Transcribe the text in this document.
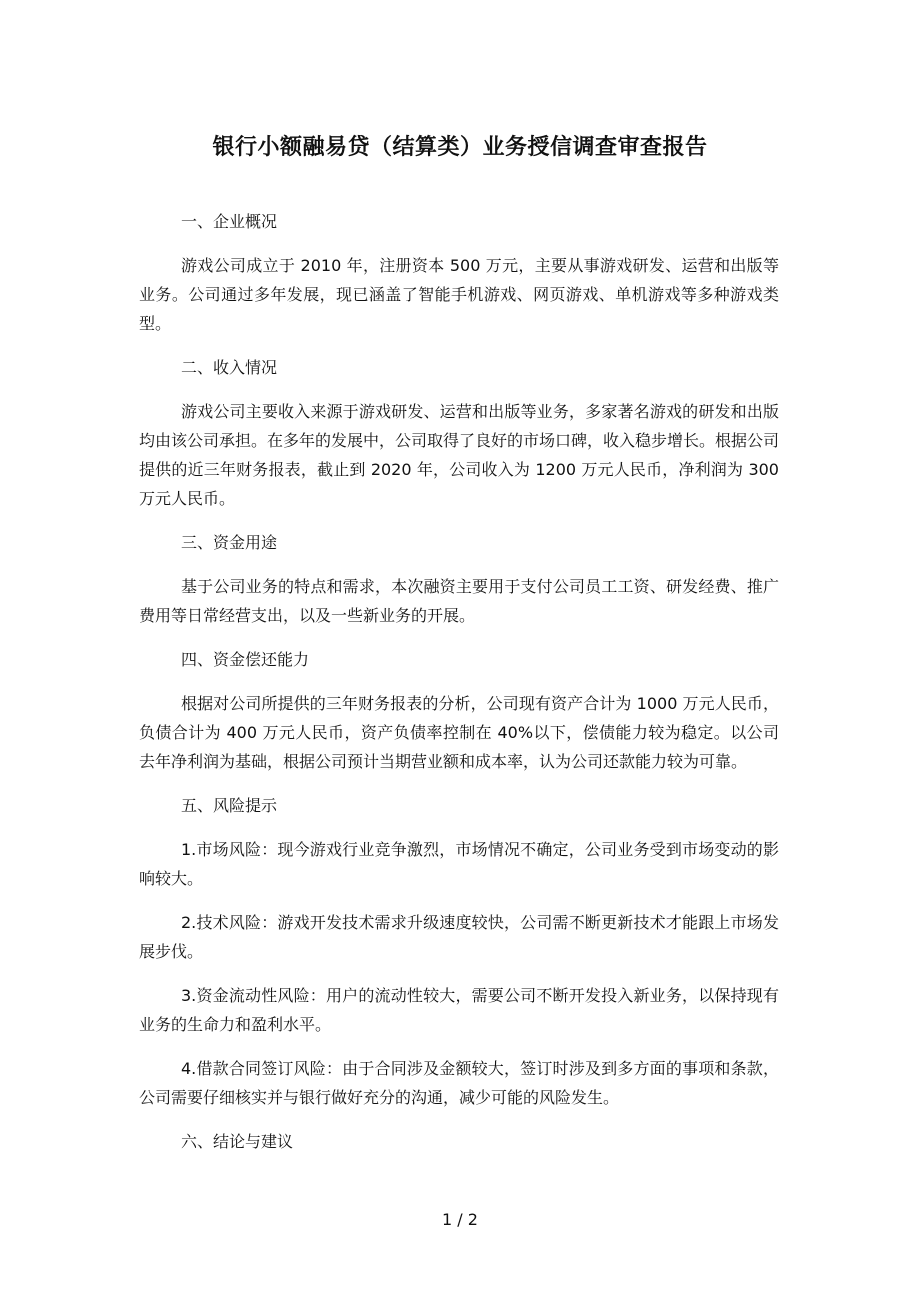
银行小额融易贷（结算类）业务授信调查审查报告
一、企业概况
游戏公司成立于 2010 年，注册资本 500 万元，主要从事游戏研发、运营和出版等业务。公司通过多年发展，现已涵盖了智能手机游戏、网页游戏、单机游戏等多种游戏类型。
二、收入情况
游戏公司主要收入来源于游戏研发、运营和出版等业务，多家著名游戏的研发和出版均由该公司承担。在多年的发展中，公司取得了良好的市场口碑，收入稳步增长。根据公司提供的近三年财务报表，截止到 2020 年，公司收入为 1200 万元人民币，净利润为 300 万元人民币。
三、资金用途
基于公司业务的特点和需求，本次融资主要用于支付公司员工工资、研发经费、推广费用等日常经营支出，以及一些新业务的开展。
四、资金偿还能力
根据对公司所提供的三年财务报表的分析，公司现有资产合计为 1000 万元人民币，负债合计为 400 万元人民币，资产负债率控制在 40%以下，偿债能力较为稳定。以公司去年净利润为基础，根据公司预计当期营业额和成本率，认为公司还款能力较为可靠。
五、风险提示
1.市场风险：现今游戏行业竞争激烈，市场情况不确定，公司业务受到市场变动的影响较大。
2.技术风险：游戏开发技术需求升级速度较快，公司需不断更新技术才能跟上市场发展步伐。
3.资金流动性风险：用户的流动性较大，需要公司不断开发投入新业务，以保持现有业务的生命力和盈利水平。
4.借款合同签订风险：由于合同涉及金额较大，签订时涉及到多方面的事项和条款，公司需要仔细核实并与银行做好充分的沟通，减少可能的风险发生。
六、结论与建议
1 / 2
